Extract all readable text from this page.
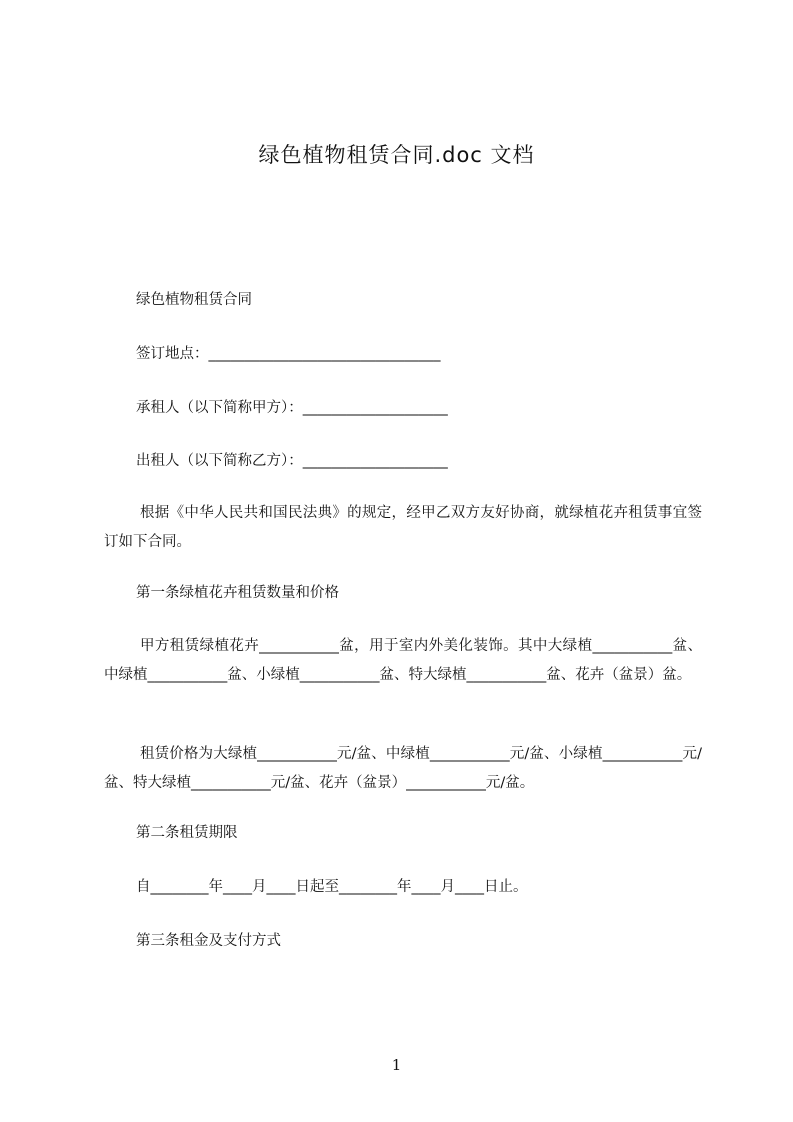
绿色植物租赁合同.doc 文档

绿色植物租赁合同

签订地点：________________________________

承租人（以下简称甲方）：____________________

出租人（以下简称乙方）：____________________

根据《中华人民共和国民法典》的规定，经甲乙双方友好协商，就绿植花卉租赁事宜签订如下合同。

第一条绿植花卉租赁数量和价格

甲方租赁绿植花卉___________盆，用于室内外美化装饰。其中大绿植___________盆、中绿植___________盆、小绿植___________盆、特大绿植___________盆、花卉（盆景）盆。

租赁价格为大绿植___________元/盆、中绿植___________元/盆、小绿植___________元/盆、特大绿植___________元/盆、花卉（盆景）___________元/盆。

第二条租赁期限

自________年____月____日起至________年____月____日止。

第三条租金及支付方式

1
